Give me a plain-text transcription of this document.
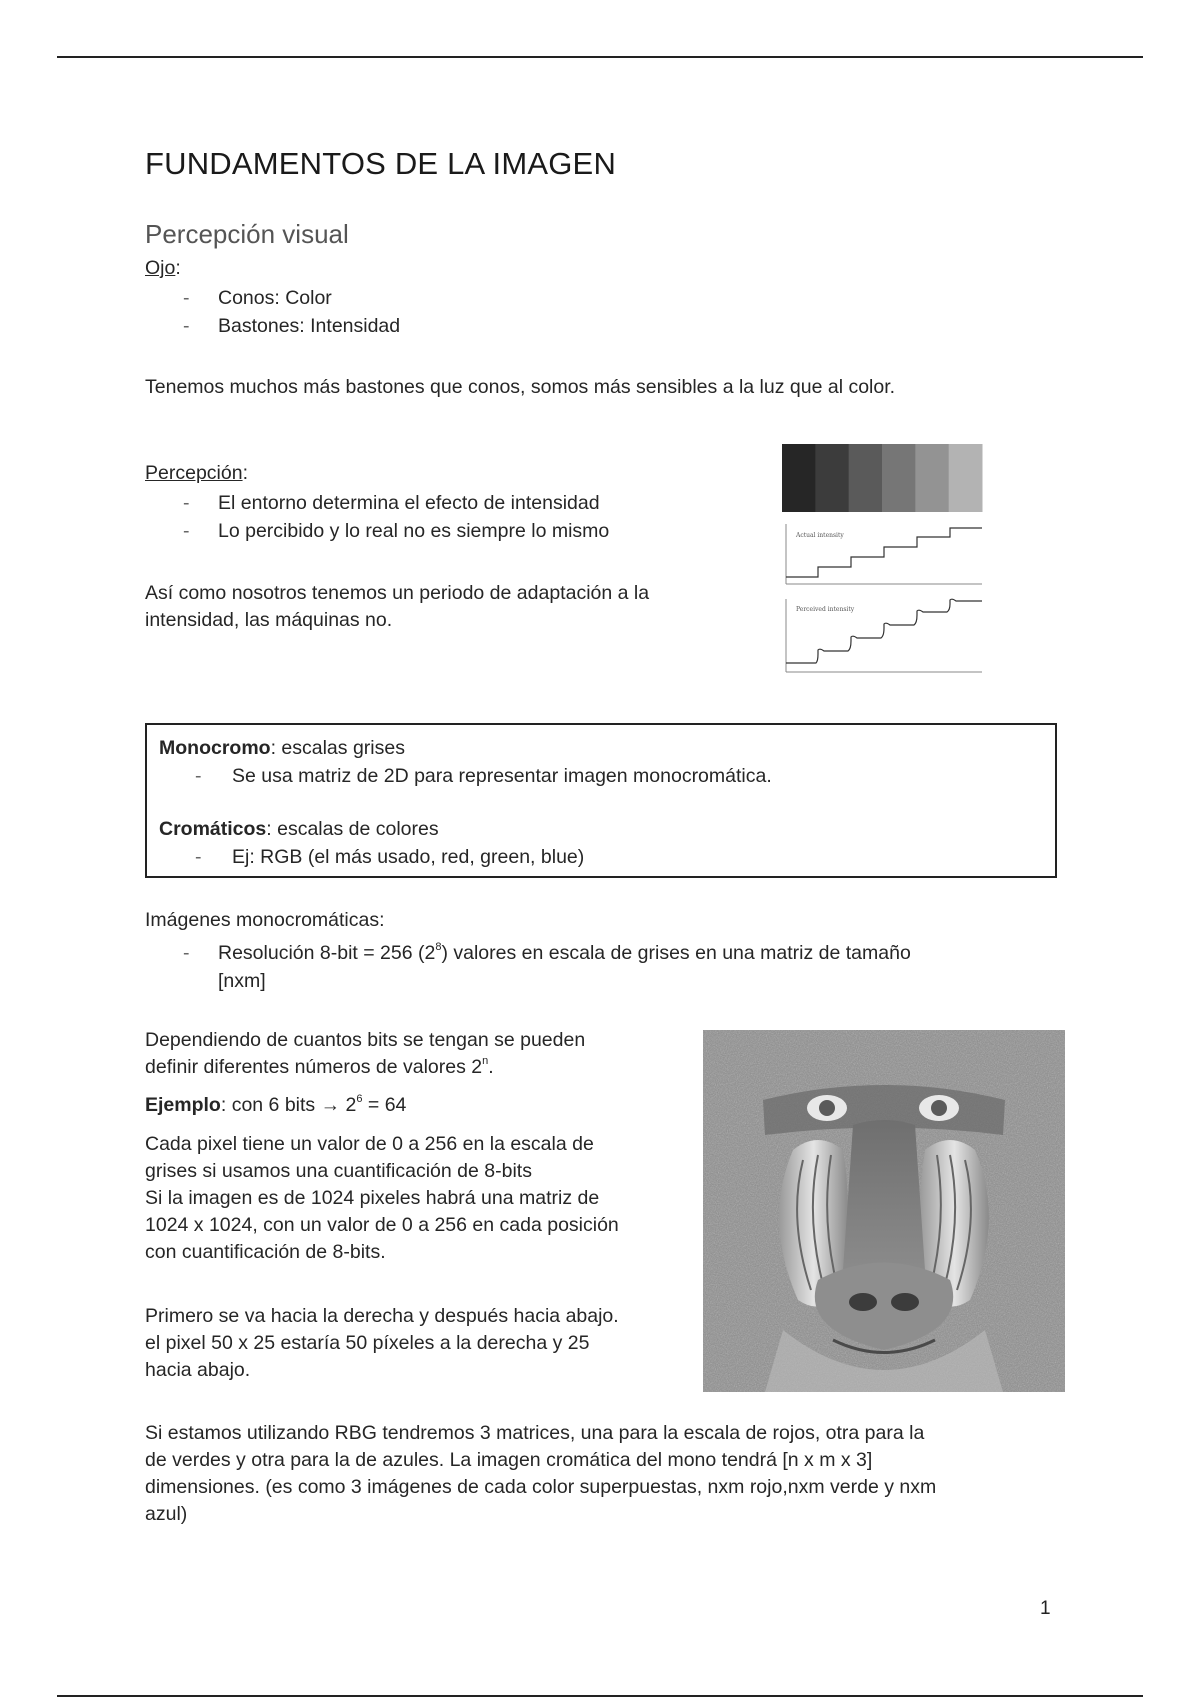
FUNDAMENTOS DE LA IMAGEN
Percepción visual
Ojo:
- Conos: Color
- Bastones: Intensidad
Tenemos muchos más bastones que conos, somos más sensibles a la luz que al color.
Percepción:
- El entorno determina el efecto de intensidad
- Lo percibido y lo real no es siempre lo mismo
Así como nosotros tenemos un periodo de adaptación a la
intensidad, las máquinas no.
Actual intensity
Perceived intensity
Monocromo: escalas grises
- Se usa matriz de 2D para representar imagen monocromática.
Cromáticos: escalas de colores
- Ej: RGB (el más usado, red, green, blue)
Imágenes monocromáticas:
- Resolución 8-bit = 256 $(2^8)$ valores en escala de grises en una matriz de tamaño
[nxm]
Dependiendo de cuantos bits se tengan se pueden
definir diferentes números de valores 2$^n$.
Ejemplo: con 6 bits → $2^6 = 64$
Cada pixel tiene un valor de 0 a 256 en la escala de
grises si usamos una cuantificación de 8-bits
Si la imagen es de 1024 pixeles habrá una matriz de
1024 x 1024, con un valor de 0 a 256 en cada posición
con cuantificación de 8-bits.
Primero se va hacia la derecha y después hacia abajo.
el pixel 50 x 25 estaría 50 píxeles a la derecha y 25
hacia abajo.
Si estamos utilizando RBG tendremos 3 matrices, una para la escala de rojos, otra para la
de verdes y otra para la de azules. La imagen cromática del mono tendrá [n x m x 3]
dimensiones. (es como 3 imágenes de cada color superpuestas, nxm rojo,nxm verde y nxm
azul)
1
